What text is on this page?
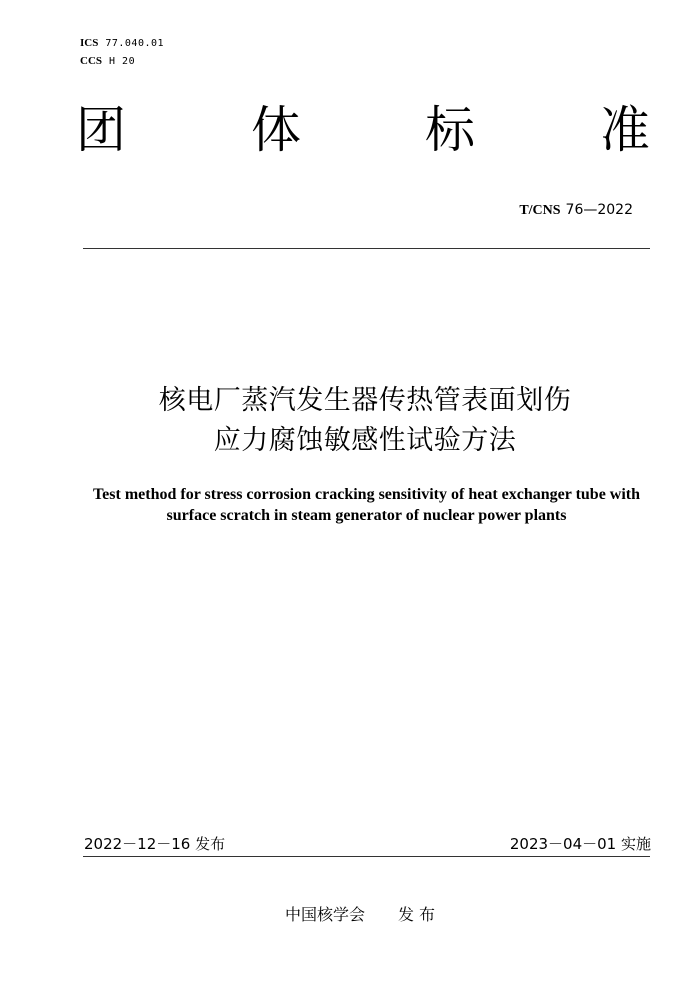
ICS 77.040.01
CCS H 20
团	体 标	准
T/CNS 76—2022
核电厂蒸汽发生器传热管表面划伤
应力腐蚀敏感性试验方法
Test method for stress corrosion cracking sensitivity of heat exchanger tube with
surface scratch in steam generator of nuclear power plants
2022－12－16 发布	2023－04－01 实施
中国核学会 发 布
